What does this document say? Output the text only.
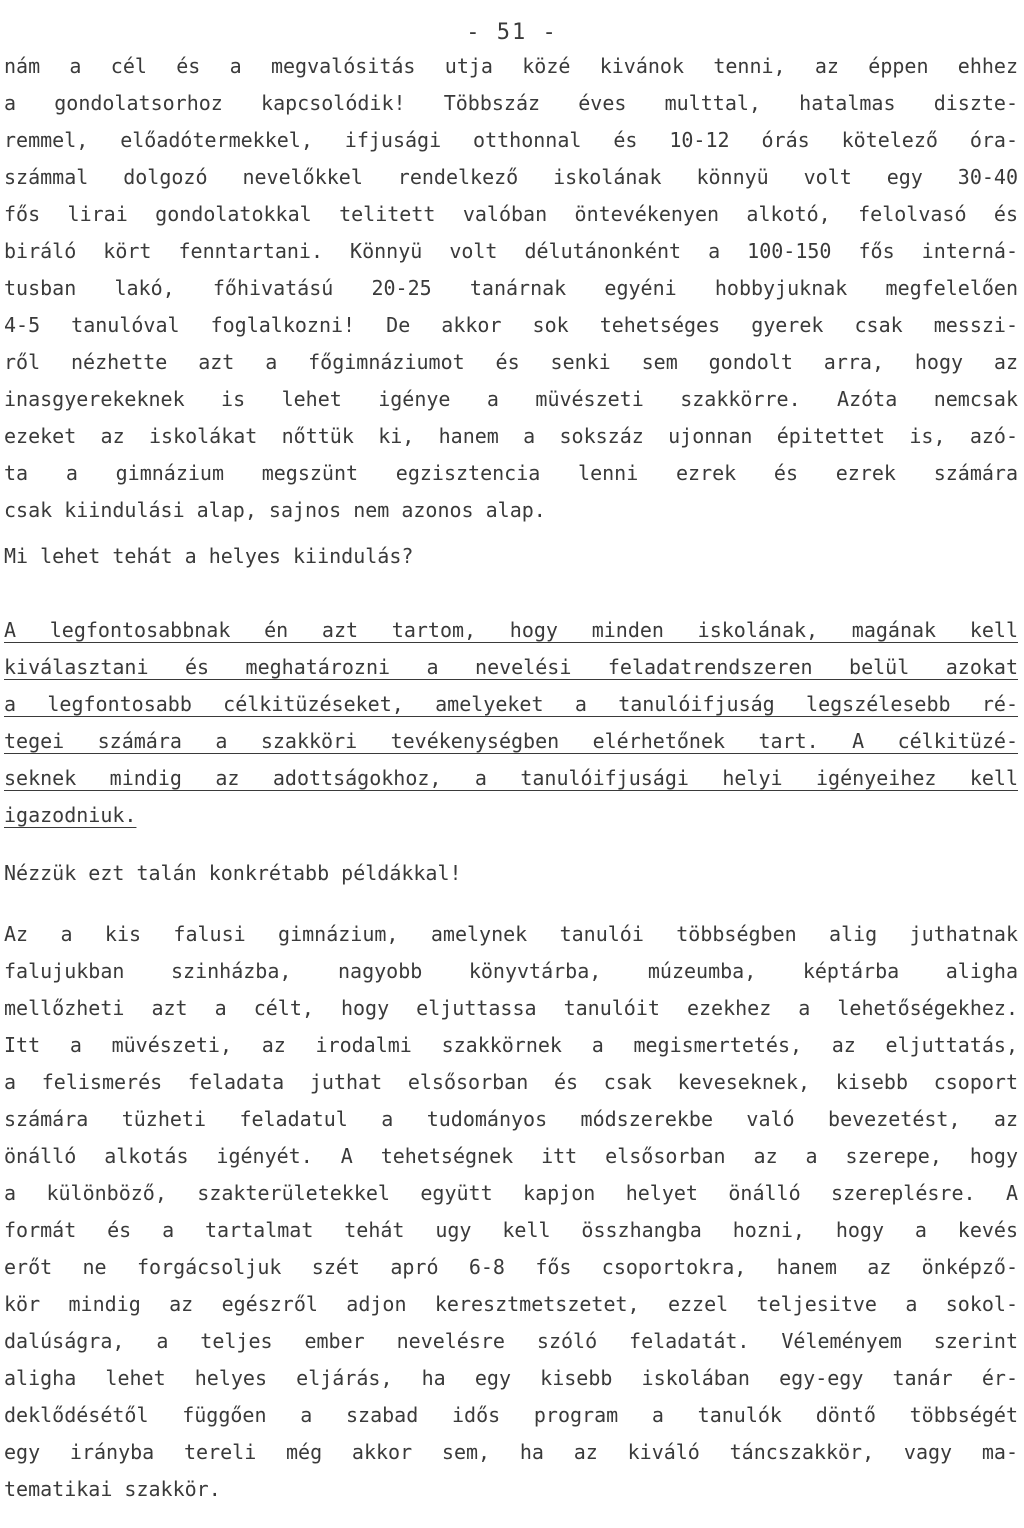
- 51 -
nám a cél és a megvalósitás utja közé kivánok tenni, az éppen ehhez
a gondolatsorhoz kapcsolódik! Többszáz éves multtal, hatalmas diszte-
remmel, előadótermekkel, ifjusági otthonnal és 10-12 órás kötelező óra-
számmal dolgozó nevelőkkel rendelkező iskolának könnyü volt egy 30-40
fős lirai gondolatokkal telitett valóban öntevékenyen alkotó, felolvasó és
biráló kört fenntartani. Könnyü volt délutánonként a 100-150 fős interná-
tusban lakó, főhivatású 20-25 tanárnak egyéni hobbyjuknak megfelelően
4-5 tanulóval foglalkozni! De akkor sok tehetséges gyerek csak messzi-
ről nézhette azt a főgimnáziumot és senki sem gondolt arra, hogy az
inasgyerekeknek is lehet igénye a müvészeti szakkörre. Azóta nemcsak
ezeket az iskolákat nőttük ki, hanem a sokszáz ujonnan épitettet is, azó-
ta a gimnázium megszünt egzisztencia lenni ezrek és ezrek számára
csak kiindulási alap, sajnos nem azonos alap.
Mi lehet tehát a helyes kiindulás?
A legfontosabbnak én azt tartom, hogy minden iskolának, magának kell
kiválasztani és meghatározni a nevelési feladatrendszeren belül azokat
a legfontosabb célkitüzéseket, amelyeket a tanulóifjuság legszélesebb ré-
tegei számára a szakköri tevékenységben elérhetőnek tart. A célkitüzé-
seknek mindig az adottságokhoz, a tanulóifjusági helyi igényeihez kell
igazodniuk.
Nézzük ezt talán konkrétabb példákkal!
Az a kis falusi gimnázium, amelynek tanulói többségben alig juthatnak
falujukban szinházba, nagyobb könyvtárba, múzeumba, képtárba aligha
mellőzheti azt a célt, hogy eljuttassa tanulóit ezekhez a lehetőségekhez.
Itt a müvészeti, az irodalmi szakkörnek a megismertetés, az eljuttatás,
a felismerés feladata juthat elsősorban és csak keveseknek, kisebb csoport
számára tüzheti feladatul a tudományos módszerekbe való bevezetést, az
önálló alkotás igényét. A tehetségnek itt elsősorban az a szerepe, hogy
a különböző, szakterületekkel együtt kapjon helyet önálló szereplésre. A
formát és a tartalmat tehát ugy kell összhangba hozni, hogy a kevés
erőt ne forgácsoljuk szét apró 6-8 fős csoportokra, hanem az önképző-
kör mindig az egészről adjon keresztmetszetet, ezzel teljesitve a sokol-
dalúságra, a teljes ember nevelésre szóló feladatát. Véleményem szerint
aligha lehet helyes eljárás, ha egy kisebb iskolában egy-egy tanár ér-
deklődésétől függően a szabad idős program a tanulók döntő többségét
egy irányba tereli még akkor sem, ha az kiváló táncszakkör, vagy ma-
tematikai szakkör.
